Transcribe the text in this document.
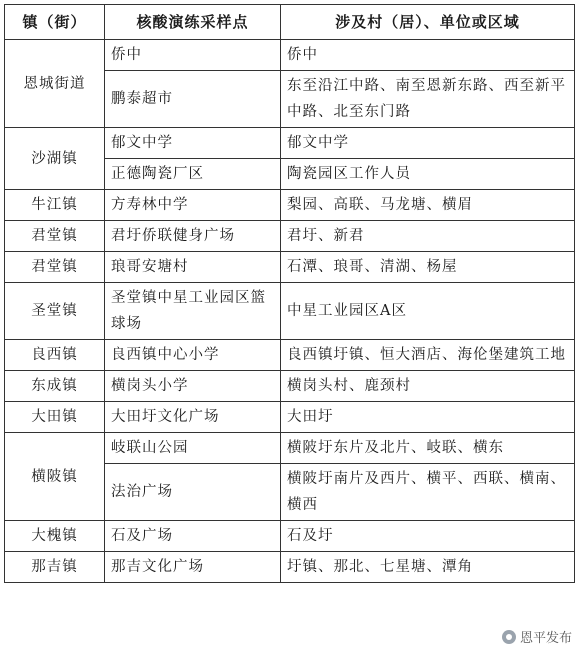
镇（街）	核酸演练采样点	涉及村（居）、单位或区域
恩城街道	侨中	侨中
	鹏泰超市	东至沿江中路、南至恩新东路、西至新平中路、北至东门路
沙湖镇	郁文中学	郁文中学
	正德陶瓷厂区	陶瓷园区工作人员
牛江镇	方寿林中学	梨园、高联、马龙塘、横眉
君堂镇	君圩侨联健身广场	君圩、新君
君堂镇	琅哥安塘村	石潭、琅哥、清湖、杨屋
圣堂镇	圣堂镇中星工业园区篮球场	中星工业园区A区
良西镇	良西镇中心小学	良西镇圩镇、恒大酒店、海伦堡建筑工地
东成镇	横岗头小学	横岗头村、鹿颈村
大田镇	大田圩文化广场	大田圩
横陂镇	岐联山公园	横陂圩东片及北片、岐联、横东
	法治广场	横陂圩南片及西片、横平、西联、横南、横西
大槐镇	石及广场	石及圩
那吉镇	那吉文化广场	圩镇、那北、七星塘、潭角
恩平发布
